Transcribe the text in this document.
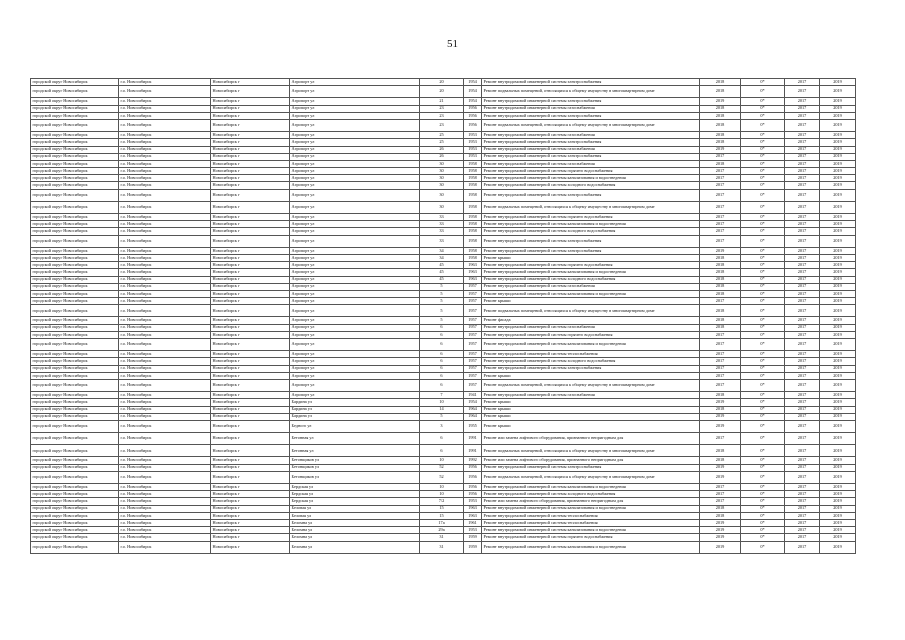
51
городской округ Новосибирск	г.о. Новосибирск	Новосибирск г	Аэропорт ул	20	1954	Ремонт внутридомовой инженерной системы электроснабжения	2018	0*	2017	2019
городской округ Новосибирск	г.о. Новосибирск	Новосибирск г	Аэропорт ул	20	1954	Ремонт подвальных помещений, относящихся к общему имуществу в многоквартирном доме	2018	0*	2017	2019
городской округ Новосибирск	г.о. Новосибирск	Новосибирск г	Аэропорт ул	21	1954	Ремонт внутридомовой инженерной системы электроснабжения	2019	0*	2017	2019
городской округ Новосибирск	г.о. Новосибирск	Новосибирск г	Аэропорт ул	23	1956	Ремонт внутридомовой инженерной системы газоснабжения	2018	0*	2017	2019
городской округ Новосибирск	г.о. Новосибирск	Новосибирск г	Аэропорт ул	23	1956	Ремонт внутридомовой инженерной системы электроснабжения	2018	0*	2017	2019
городской округ Новосибирск	г.о. Новосибирск	Новосибирск г	Аэропорт ул	23	1956	Ремонт подвальных помещений, относящихся к общему имуществу в многоквартирном доме	2018	0*	2017	2019
городской округ Новосибирск	г.о. Новосибирск	Новосибирск г	Аэропорт ул	25	1953	Ремонт внутридомовой инженерной системы газоснабжения	2018	0*	2017	2019
городской округ Новосибирск	г.о. Новосибирск	Новосибирск г	Аэропорт ул	25	1953	Ремонт внутридомовой инженерной системы электроснабжения	2018	0*	2017	2019
городской округ Новосибирск	г.о. Новосибирск	Новосибирск г	Аэропорт ул	26	1953	Ремонт внутридомовой инженерной системы газоснабжения	2019	0*	2017	2019
городской округ Новосибирск	г.о. Новосибирск	Новосибирск г	Аэропорт ул	26	1953	Ремонт внутридомовой инженерной системы электроснабжения	2017	0*	2017	2019
городской округ Новосибирск	г.о. Новосибирск	Новосибирск г	Аэропорт ул	30	1958	Ремонт внутридомовой инженерной системы газоснабжения	2018	0*	2017	2019
городской округ Новосибирск	г.о. Новосибирск	Новосибирск г	Аэропорт ул	30	1958	Ремонт внутридомовой инженерной системы горячего водоснабжения	2017	0*	2017	2019
городской округ Новосибирск	г.о. Новосибирск	Новосибирск г	Аэропорт ул	30	1958	Ремонт внутридомовой инженерной системы канализования и водоотведения	2017	0*	2017	2019
городской округ Новосибирск	г.о. Новосибирск	Новосибирск г	Аэропорт ул	30	1958	Ремонт внутридомовой инженерной системы холодного водоснабжения	2017	0*	2017	2019
городской округ Новосибирск	г.о. Новосибирск	Новосибирск г	Аэропорт ул	30	1958	Ремонт внутридомовой инженерной системы электроснабжения	2017	0*	2017	2019
городской округ Новосибирск	г.о. Новосибирск	Новосибирск г	Аэропорт ул	30	1958	Ремонт подвальных помещений, относящихся к общему имуществу в многоквартирном доме	2017	0*	2017	2019
городской округ Новосибирск	г.о. Новосибирск	Новосибирск г	Аэропорт ул	33	1958	Ремонт внутридомовой инженерной системы горячего водоснабжения	2017	0*	2017	2019
городской округ Новосибирск	г.о. Новосибирск	Новосибирск г	Аэропорт ул	33	1958	Ремонт внутридомовой инженерной системы канализования и водоотведения	2017	0*	2017	2019
городской округ Новосибирск	г.о. Новосибирск	Новосибирск г	Аэропорт ул	33	1958	Ремонт внутридомовой инженерной системы холодного водоснабжения	2017	0*	2017	2019
городской округ Новосибирск	г.о. Новосибирск	Новосибирск г	Аэропорт ул	33	1958	Ремонт внутридомовой инженерной системы электроснабжения	2017	0*	2017	2019
городской округ Новосибирск	г.о. Новосибирск	Новосибирск г	Аэропорт ул	34	1958	Ремонт внутридомовой инженерной системы электроснабжения	2019	0*	2017	2019
городской округ Новосибирск	г.о. Новосибирск	Новосибирск г	Аэропорт ул	34	1958	Ремонт крыши	2018	0*	2017	2019
городской округ Новосибирск	г.о. Новосибирск	Новосибирск г	Аэропорт ул	45	1963	Ремонт внутридомовой инженерной системы горячего водоснабжения	2018	0*	2017	2019
городской округ Новосибирск	г.о. Новосибирск	Новосибирск г	Аэропорт ул	45	1963	Ремонт внутридомовой инженерной системы канализования и водоотведения	2018	0*	2017	2019
городской округ Новосибирск	г.о. Новосибирск	Новосибирск г	Аэропорт ул	45	1963	Ремонт внутридомовой инженерной системы холодного водоснабжения	2018	0*	2017	2019
городской округ Новосибирск	г.о. Новосибирск	Новосибирск г	Аэропорт ул	5	1957	Ремонт внутридомовой инженерной системы газоснабжения	2018	0*	2017	2019
городской округ Новосибирск	г.о. Новосибирск	Новосибирск г	Аэропорт ул	5	1957	Ремонт внутридомовой инженерной системы канализования и водоотведения	2018	0*	2017	2019
городской округ Новосибирск	г.о. Новосибирск	Новосибирск г	Аэропорт ул	5	1957	Ремонт крыши	2017	0*	2017	2019
городской округ Новосибирск	г.о. Новосибирск	Новосибирск г	Аэропорт ул	5	1957	Ремонт подвальных помещений, относящихся к общему имуществу в многоквартирном доме	2018	0*	2017	2019
городской округ Новосибирск	г.о. Новосибирск	Новосибирск г	Аэропорт ул	5	1957	Ремонт фасада	2018	0*	2017	2019
городской округ Новосибирск	г.о. Новосибирск	Новосибирск г	Аэропорт ул	6	1957	Ремонт внутридомовой инженерной системы газоснабжения	2018	0*	2017	2019
городской округ Новосибирск	г.о. Новосибирск	Новосибирск г	Аэропорт ул	6	1957	Ремонт внутридомовой инженерной системы горячего водоснабжения	2017	0*	2017	2019
городской округ Новосибирск	г.о. Новосибирск	Новосибирск г	Аэропорт ул	6	1957	Ремонт внутридомовой инженерной системы канализования и водоотведения	2017	0*	2017	2019
городской округ Новосибирск	г.о. Новосибирск	Новосибирск г	Аэропорт ул	6	1957	Ремонт внутридомовой инженерной системы теплоснабжения	2017	0*	2017	2019
городской округ Новосибирск	г.о. Новосибирск	Новосибирск г	Аэропорт ул	6	1957	Ремонт внутридомовой инженерной системы холодного водоснабжения	2017	0*	2017	2019
городской округ Новосибирск	г.о. Новосибирск	Новосибирск г	Аэропорт ул	6	1957	Ремонт внутридомовой инженерной системы электроснабжения	2017	0*	2017	2019
городской округ Новосибирск	г.о. Новосибирск	Новосибирск г	Аэропорт ул	6	1957	Ремонт крыши	2017	0*	2017	2019
городской округ Новосибирск	г.о. Новосибирск	Новосибирск г	Аэропорт ул	6	1957	Ремонт подвальных помещений, относящихся к общему имуществу в многоквартирном доме	2017	0*	2017	2019
городской округ Новосибирск	г.о. Новосибирск	Новосибирск г	Аэропорт ул	7	1941	Ремонт внутридомовой инженерной системы газоснабжения	2018	0*	2017	2019
городской округ Новосибирск	г.о. Новосибирск	Новосибирск г	Бардина ул	10	1954	Ремонт крыши	2019	0*	2017	2019
городской округ Новосибирск	г.о. Новосибирск	Новосибирск г	Бардина ул	14	1964	Ремонт крыши	2018	0*	2017	2019
городской округ Новосибирск	г.о. Новосибирск	Новосибирск г	Бардина ул	5	1964	Ремонт крыши	2019	0*	2017	2019
городской округ Новосибирск	г.о. Новосибирск	Новосибирск г	Бедного ул	3	1955	Ремонт крыши	2019	0*	2017	2019
городской округ Новосибирск	г.о. Новосибирск	Новосибирск г	Бетонная ул	6	1991	Ремонт или замена лифтового оборудования, признанного непригодным для	2017	0*	2017	2019
городской округ Новосибирск	г.о. Новосибирск	Новосибирск г	Бетонная ул	6	1991	Ремонт подвальных помещений, относящихся к общему имуществу в многоквартирном доме	2018	0*	2017	2019
городской округ Новосибирск	г.о. Новосибирск	Новосибирск г	Бетонщиков ул	10	1992	Ремонт или замена лифтового оборудования, признанного непригодным для	2018	0*	2017	2019
городской округ Новосибирск	г.о. Новосибирск	Новосибирск г	Бетонщиков ул	52	1956	Ремонт внутридомовой инженерной системы электроснабжения	2019	0*	2017	2019
городской округ Новосибирск	г.о. Новосибирск	Новосибирск г	Бетонщиков ул	52	1956	Ремонт подвальных помещений, относящихся к общему имуществу в многоквартирном доме	2019	0*	2017	2019
городской округ Новосибирск	г.о. Новосибирск	Новосибирск г	Бердская ул	10	1956	Ремонт внутридомовой инженерной системы канализования и водоотведения	2017	0*	2017	2019
городской округ Новосибирск	г.о. Новосибирск	Новосибирск г	Бердская ул	10	1956	Ремонт внутридомовой инженерной системы холодного водоснабжения	2017	0*	2017	2019
городской округ Новосибирск	г.о. Новосибирск	Новосибирск г	Бердская ул	7/2	1953	Ремонт или замена лифтового оборудования, признанного непригодным для	2017	0*	2017	2019
городской округ Новосибирск	г.о. Новосибирск	Новосибирск г	Беловая ул	15	1963	Ремонт внутридомовой инженерной системы канализования и водоотведения	2018	0*	2017	2019
городской округ Новосибирск	г.о. Новосибирск	Новосибирск г	Беловая ул	15	1963	Ремонт внутридомовой инженерной системы теплоснабжения	2018	0*	2017	2019
городской округ Новосибирск	г.о. Новосибирск	Новосибирск г	Беломна ул	17а	1961	Ремонт внутридомовой инженерной системы теплоснабжения	2019	0*	2017	2019
городской округ Новосибирск	г.о. Новосибирск	Новосибирск г	Беломна ул	29а	1953	Ремонт внутридомовой инженерной системы канализования и водоотведения	2019	0*	2017	2019
городской округ Новосибирск	г.о. Новосибирск	Новосибирск г	Беломна ул	31	1959	Ремонт внутридомовой инженерной системы горячего водоснабжения	2019	0*	2017	2019
городской округ Новосибирск	г.о. Новосибирск	Новосибирск г	Беломна ул	31	1959	Ремонт внутридомовой инженерной системы канализования и водоотведения	2019	0*	2017	2019
